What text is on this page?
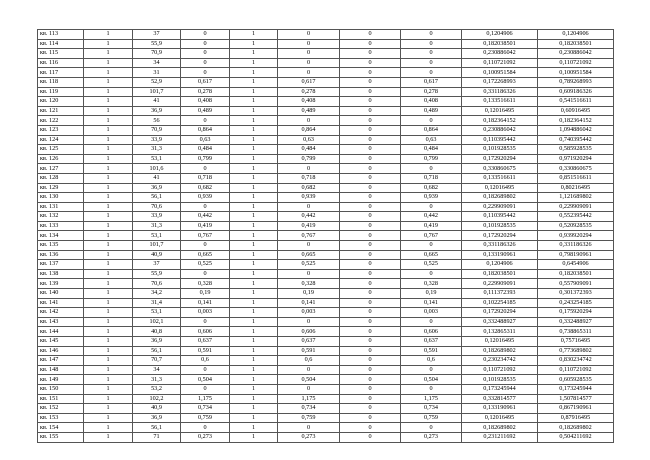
кв. 113	1	37	0	1	0	0	0	0,1204906	0,1204906
кв. 114	1	55,9	0	1	0	0	0	0,182038501	0,182038501
кв. 115	1	70,9	0	1	0	0	0	0,230886042	0,230886042
кв. 116	1	34	0	1	0	0	0	0,110721092	0,110721092
кв. 117	1	31	0	1	0	0	0	0,100951584	0,100951584
кв. 118	1	52,9	0,617	1	0,617	0	0,617	0,172268993	0,789268993
кв. 119	1	101,7	0,278	1	0,278	0	0,278	0,331186326	0,609186326
кв. 120	1	41	0,408	1	0,408	0	0,408	0,133516611	0,541516611
кв. 121	1	36,9	0,489	1	0,489	0	0,489	0,12016495	0,60916495
кв. 122	1	56	0	1	0	0	0	0,182364152	0,182364152
кв. 123	1	70,9	0,864	1	0,864	0	0,864	0,230886042	1,094886042
кв. 124	1	33,9	0,63	1	0,63	0	0,63	0,110395442	0,740395442
кв. 125	1	31,3	0,484	1	0,484	0	0,484	0,101928535	0,585928535
кв. 126	1	53,1	0,799	1	0,799	0	0,799	0,172920294	0,971920294
кв. 127	1	101,6	0	1	0	0	0	0,330860675	0,330860675
кв. 128	1	41	0,718	1	0,718	0	0,718	0,133516611	0,851516611
кв. 129	1	36,9	0,682	1	0,682	0	0,682	0,12016495	0,80216495
кв. 130	1	56,1	0,939	1	0,939	0	0,939	0,182689802	1,121689802
кв. 131	1	70,6	0	1	0	0	0	0,229909091	0,229909091
кв. 132	1	33,9	0,442	1	0,442	0	0,442	0,110395442	0,552395442
кв. 133	1	31,3	0,419	1	0,419	0	0,419	0,101928535	0,520928535
кв. 134	1	53,1	0,767	1	0,767	0	0,767	0,172920294	0,939920294
кв. 135	1	101,7	0	1	0	0	0	0,331186326	0,331186326
кв. 136	1	40,9	0,665	1	0,665	0	0,665	0,133190961	0,798190961
кв. 137	1	37	0,525	1	0,525	0	0,525	0,1204906	0,6454906
кв. 138	1	55,9	0	1	0	0	0	0,182038501	0,182038501
кв. 139	1	70,6	0,328	1	0,328	0	0,328	0,229909091	0,557909091
кв. 140	1	34,2	0,19	1	0,19	0	0,19	0,111372393	0,301372393
кв. 141	1	31,4	0,141	1	0,141	0	0,141	0,102254185	0,243254185
кв. 142	1	53,1	0,003	1	0,003	0	0,003	0,172920294	0,175920294
кв. 143	1	102,1	0	1	0	0	0	0,332488927	0,332488927
кв. 144	1	40,8	0,606	1	0,606	0	0,606	0,132865311	0,738865311
кв. 145	1	36,9	0,637	1	0,637	0	0,637	0,12016495	0,75716495
кв. 146	1	56,1	0,591	1	0,591	0	0,591	0,182689802	0,773689802
кв. 147	1	70,7	0,6	1	0,6	0	0,6	0,230234742	0,830234742
кв. 148	1	34	0	1	0	0	0	0,110721092	0,110721092
кв. 149	1	31,3	0,504	1	0,504	0	0,504	0,101928535	0,605928535
кв. 150	1	53,2	0	1	0	0	0	0,173245944	0,173245944
кв. 151	1	102,2	1,175	1	1,175	0	1,175	0,332814577	1,507814577
кв. 152	1	40,9	0,734	1	0,734	0	0,734	0,133190961	0,867190961
кв. 153	1	36,9	0,759	1	0,759	0	0,759	0,12016495	0,87916495
кв. 154	1	56,1	0	1	0	0	0	0,182689802	0,182689802
кв. 155	1	71	0,273	1	0,273	0	0,273	0,231211692	0,504211692
